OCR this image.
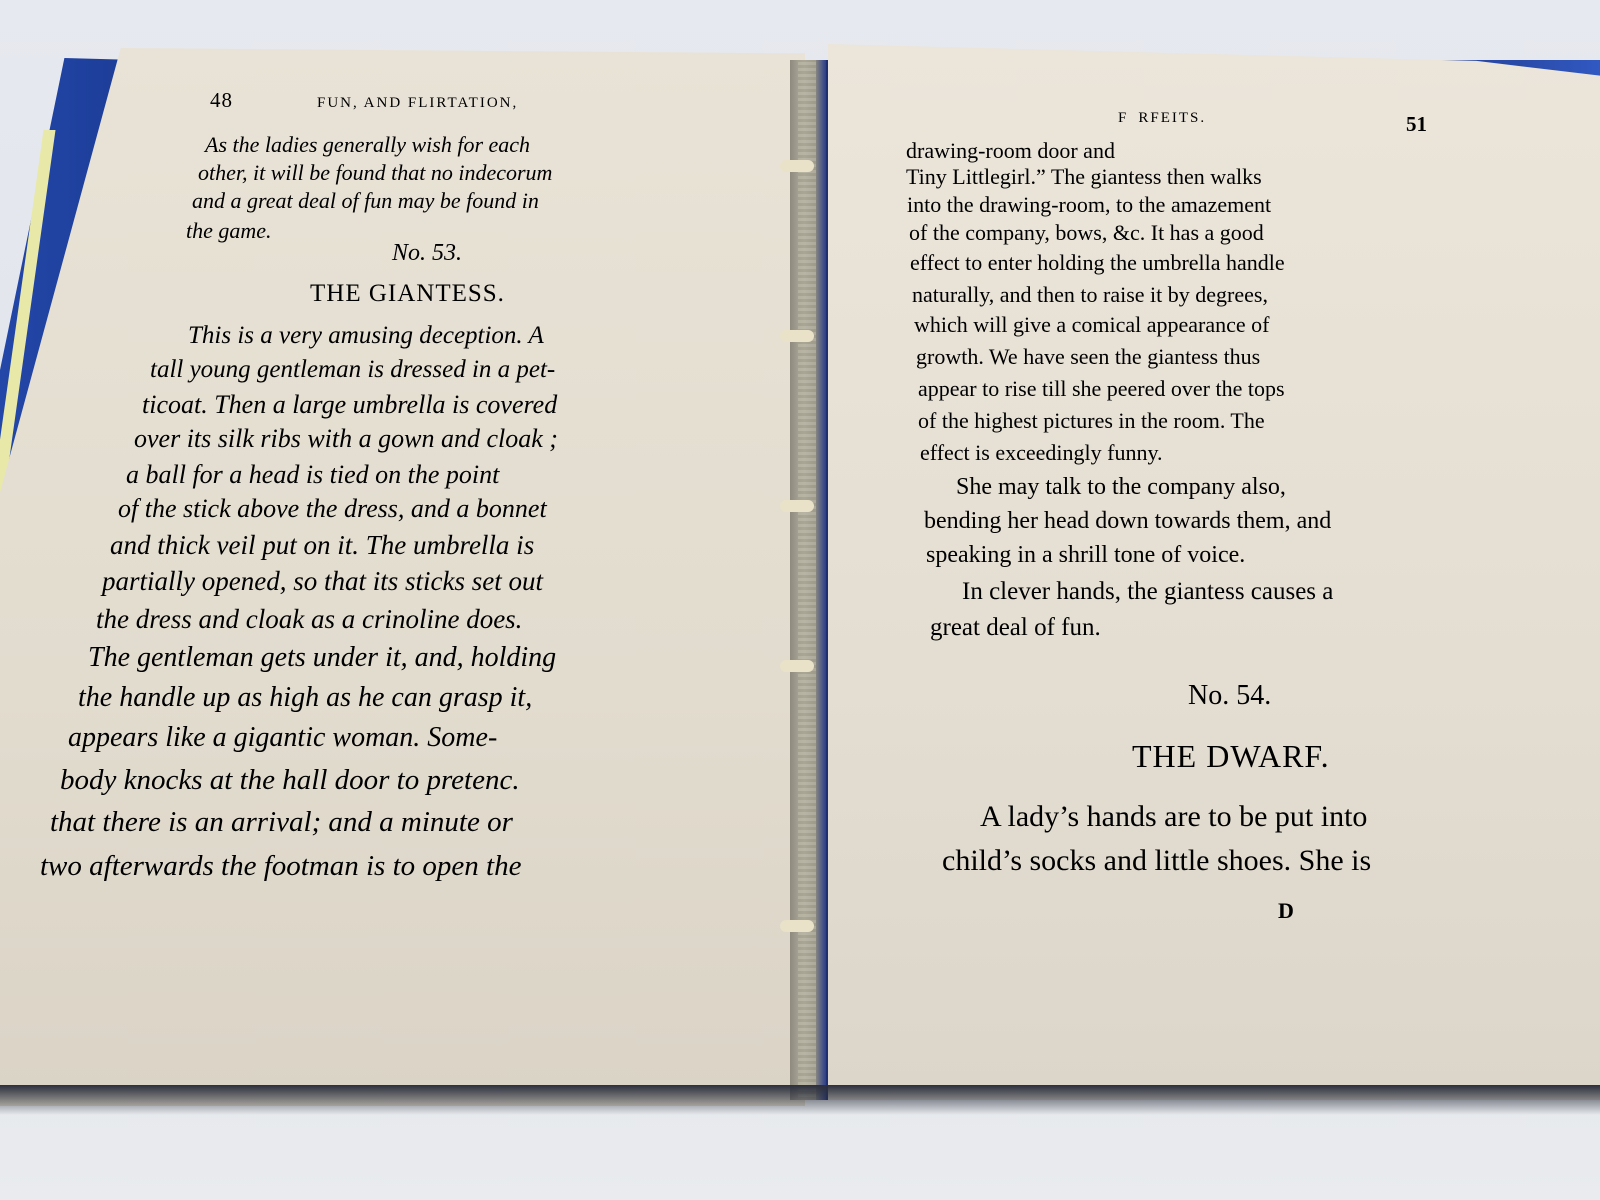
48	FUN, AND FLIRTATION,

As the ladies generally wish for each

other, it will be found that no indecorum

and a great deal of fun may be found in

the game.

No. 53.

THE GIANTESS.

This is a very amusing deception. A

tall young gentleman is dressed in a pet-

ticoat. Then a large umbrella is covered

over its silk ribs with a gown and cloak ;

a ball for a head is tied on the point

of the stick above the dress, and a bonnet

and thick veil put on it. The umbrella is

partially opened, so that its sticks set out

the dress and cloak as a crinoline does.

The gentleman gets under it, and, holding

the handle up as high as he can grasp it,

appears like a gigantic woman. Some-

body knocks at the hall door to pretenc.

that there is an arrival; and a minute or

two afterwards the footman is to open the

F  RFEITS.	51

drawing-room door and

Tiny Littlegirl.” The giantess then walks

into the drawing-room, to the amazement

of the company, bows, &c. It has a good

effect to enter holding the umbrella handle

naturally, and then to raise it by degrees,

which will give a comical appearance of

growth. We have seen the giantess thus

appear to rise till she peered over the tops

of the highest pictures in the room. The

effect is exceedingly funny.

She may talk to the company also,

bending her head down towards them, and

speaking in a shrill tone of voice.

In clever hands, the giantess causes a

great deal of fun.

No. 54.

THE DWARF.

A lady’s hands are to be put into

child’s socks and little shoes. She is

D
